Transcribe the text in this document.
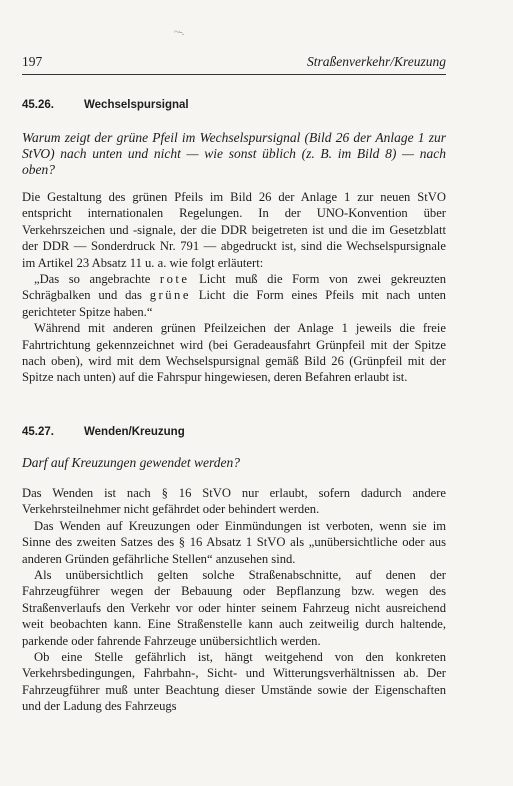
~-.
197	Straßenverkehr/Kreuzung
45.26.	Wechselspursignal
Warum zeigt der grüne Pfeil im Wechselspursignal (Bild 26 der Anlage 1 zur StVO) nach unten und nicht — wie sonst üblich (z. B. im Bild 8) — nach oben?

Die Gestaltung des grünen Pfeils im Bild 26 der Anlage 1 zur neuen StVO entspricht internationalen Regelungen. In der UNO-Konvention über Verkehrszeichen und -signale, der die DDR beigetreten ist und die im Gesetzblatt der DDR — Sonderdruck Nr. 791 — abgedruckt ist, sind die Wechselspursignale im Artikel 23 Absatz 11 u. a. wie folgt erläutert:

„Das so angebrachte rote Licht muß die Form von zwei gekreuzten Schrägbalken und das grüne Licht die Form eines Pfeils mit nach unten gerichteter Spitze haben.“

Während mit anderen grünen Pfeilzeichen der Anlage 1 jeweils die freie Fahrtrichtung gekennzeichnet wird (bei Geradeausfahrt Grünpfeil mit der Spitze nach oben), wird mit dem Wechselspursignal gemäß Bild 26 (Grünpfeil mit der Spitze nach unten) auf die Fahrspur hingewiesen, deren Befahren erlaubt ist.

45.27.	Wenden/Kreuzung
Darf auf Kreuzungen gewendet werden?

Das Wenden ist nach § 16 StVO nur erlaubt, sofern dadurch andere Verkehrsteilnehmer nicht gefährdet oder behindert werden.

Das Wenden auf Kreuzungen oder Einmündungen ist verboten, wenn sie im Sinne des zweiten Satzes des § 16 Absatz 1 StVO als „unübersichtliche oder aus anderen Gründen gefährliche Stellen“ anzusehen sind.

Als unübersichtlich gelten solche Straßenabschnitte, auf denen der Fahrzeugführer wegen der Bebauung oder Bepflanzung bzw. wegen des Straßenverlaufs den Verkehr vor oder hinter seinem Fahrzeug nicht ausreichend weit beobachten kann. Eine Straßenstelle kann auch zeitweilig durch haltende, parkende oder fahrende Fahrzeuge unübersichtlich werden.

Ob eine Stelle gefährlich ist, hängt weitgehend von den konkreten Verkehrsbedingungen, Fahrbahn-, Sicht- und Witterungsverhältnissen ab. Der Fahrzeugführer muß unter Beachtung dieser Umstände sowie der Eigenschaften und der Ladung des Fahrzeugs
